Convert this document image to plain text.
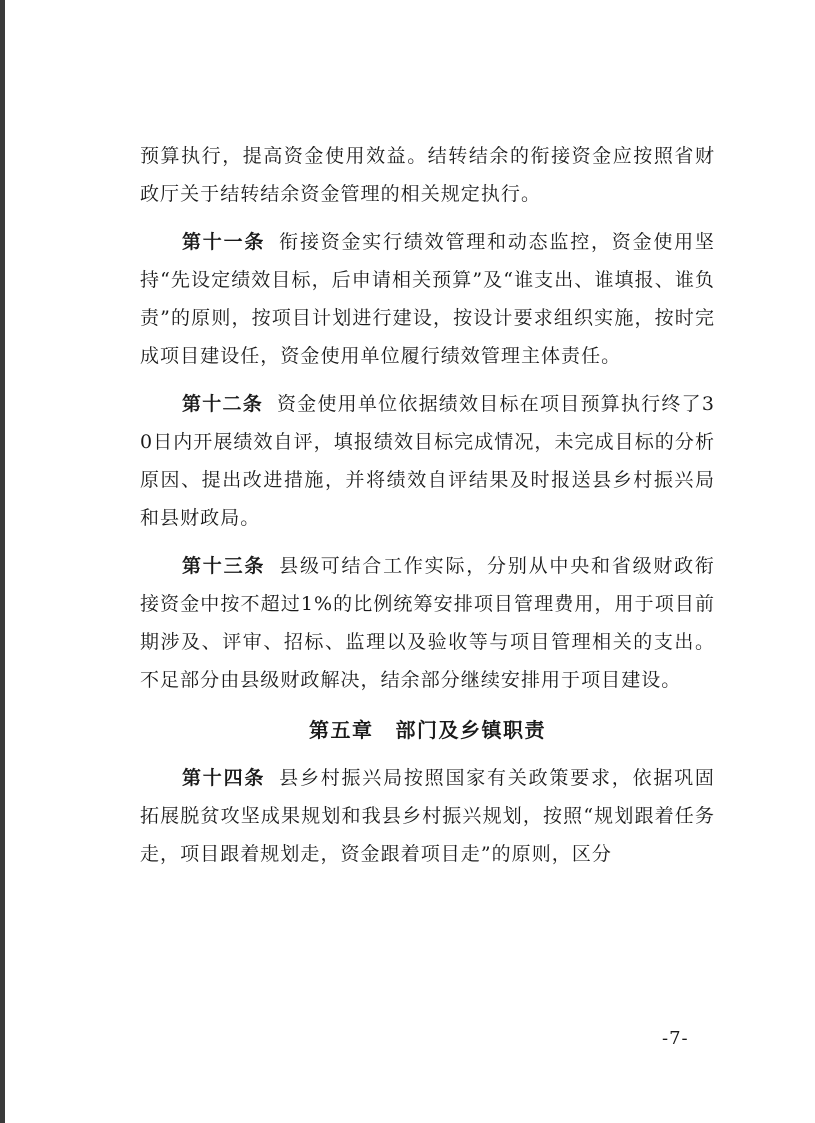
预算执行，提高资金使用效益。结转结余的衔接资金应按照省财政厅关于结转结余资金管理的相关规定执行。

第十一条 衔接资金实行绩效管理和动态监控，资金使用坚持“先设定绩效目标，后申请相关预算”及“谁支出、谁填报、谁负责”的原则，按项目计划进行建设，按设计要求组织实施，按时完成项目建设任，资金使用单位履行绩效管理主体责任。

第十二条 资金使用单位依据绩效目标在项目预算执行终了30日内开展绩效自评，填报绩效目标完成情况，未完成目标的分析原因、提出改进措施，并将绩效自评结果及时报送县乡村振兴局和县财政局。

第十三条 县级可结合工作实际，分别从中央和省级财政衔接资金中按不超过1%的比例统筹安排项目管理费用，用于项目前期涉及、评审、招标、监理以及验收等与项目管理相关的支出。不足部分由县级财政解决，结余部分继续安排用于项目建设。

第五章 部门及乡镇职责

第十四条 县乡村振兴局按照国家有关政策要求，依据巩固拓展脱贫攻坚成果规划和我县乡村振兴规划，按照“规划跟着任务走，项目跟着规划走，资金跟着项目走”的原则，区分

-7-
